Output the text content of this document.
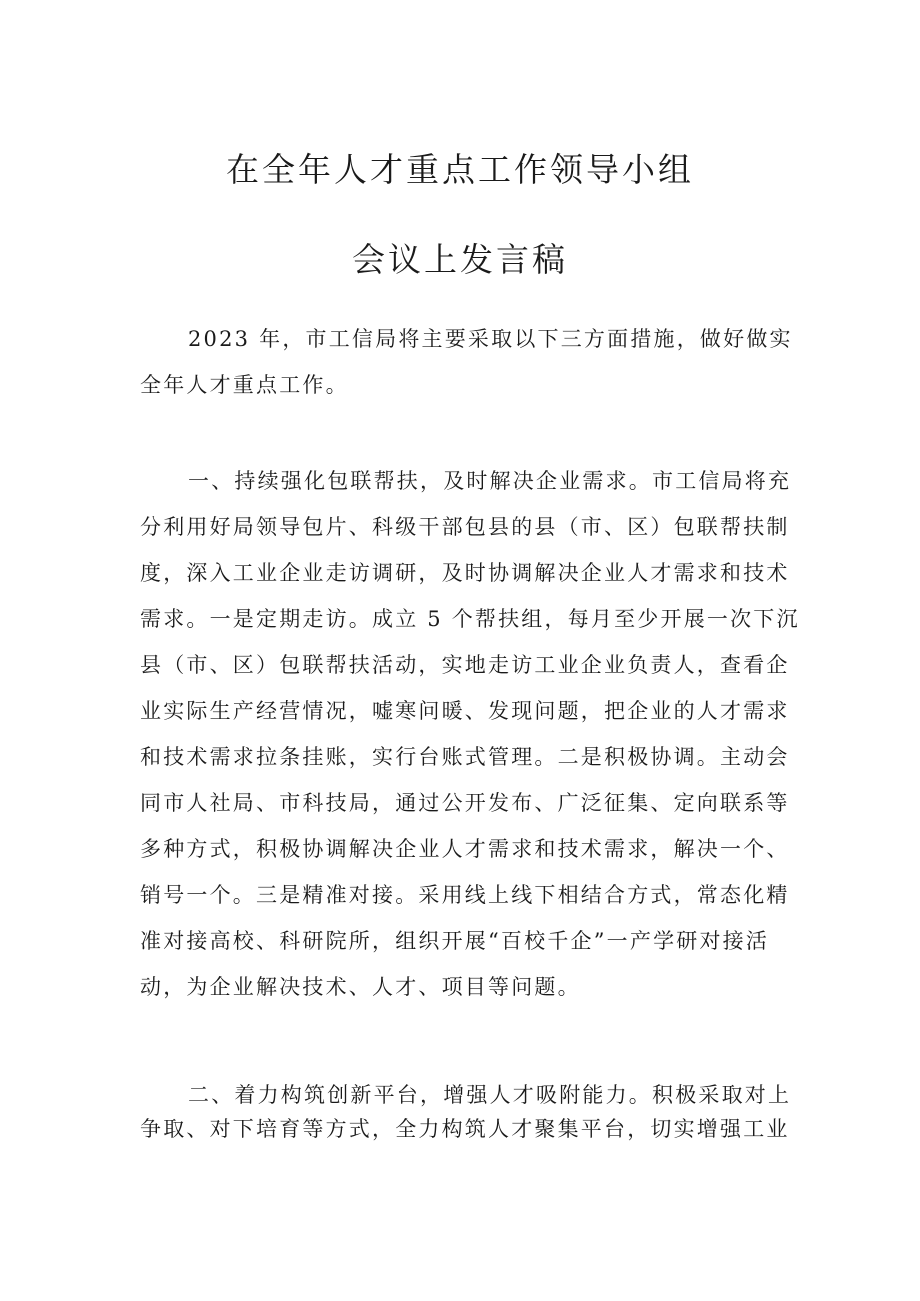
在全年人才重点工作领导小组
会议上发言稿
2023 年，市工信局将主要采取以下三方面措施，做好做实
全年人才重点工作。
一、持续强化包联帮扶，及时解决企业需求。市工信局将充
分利用好局领导包片、科级干部包县的县（市、区）包联帮扶制
度，深入工业企业走访调研，及时协调解决企业人才需求和技术
需求。一是定期走访。成立 5 个帮扶组，每月至少开展一次下沉
县（市、区）包联帮扶活动，实地走访工业企业负责人，查看企
业实际生产经营情况，嘘寒问暖、发现问题，把企业的人才需求
和技术需求拉条挂账，实行台账式管理。二是积极协调。主动会
同市人社局、市科技局，通过公开发布、广泛征集、定向联系等
多种方式，积极协调解决企业人才需求和技术需求，解决一个、
销号一个。三是精准对接。采用线上线下相结合方式，常态化精
准对接高校、科研院所，组织开展“百校千企”一产学研对接活
动，为企业解决技术、人才、项目等问题。
二、着力构筑创新平台，增强人才吸附能力。积极采取对上
争取、对下培育等方式，全力构筑人才聚集平台，切实增强工业
